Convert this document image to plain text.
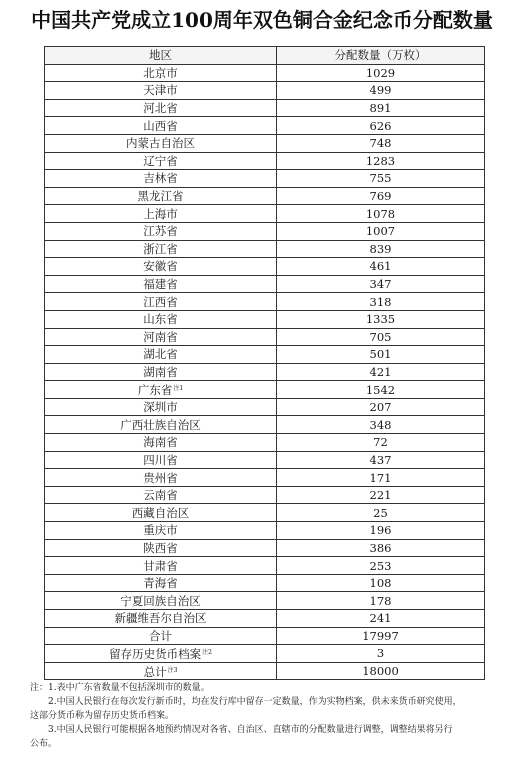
中国共产党成立100周年双色铜合金纪念币分配数量
地区	分配数量（万枚）
北京市	1029
天津市	499
河北省	891
山西省	626
内蒙古自治区	748
辽宁省	1283
吉林省	755
黑龙江省	769
上海市	1078
江苏省	1007
浙江省	839
安徽省	461
福建省	347
江西省	318
山东省	1335
河南省	705
湖北省	501
湖南省	421
广东省$^{注1}$	1542
深圳市	207
广西壮族自治区	348
海南省	72
四川省	437
贵州省	171
云南省	221
西藏自治区	25
重庆市	196
陕西省	386
甘肃省	253
青海省	108
宁夏回族自治区	178
新疆维吾尔自治区	241
合计	17997
留存历史货币档案$^{注2}$	3
总计$^{注3}$	18000
注：1.表中广东省数量不包括深圳市的数量。
2.中国人民银行在每次发行新币时，均在发行库中留存一定数量，作为实物档案，供未来货币研究使用，
这部分货币称为留存历史货币档案。
3.中国人民银行可能根据各地预约情况对各省、自治区、直辖市的分配数量进行调整，调整结果将另行
公布。
